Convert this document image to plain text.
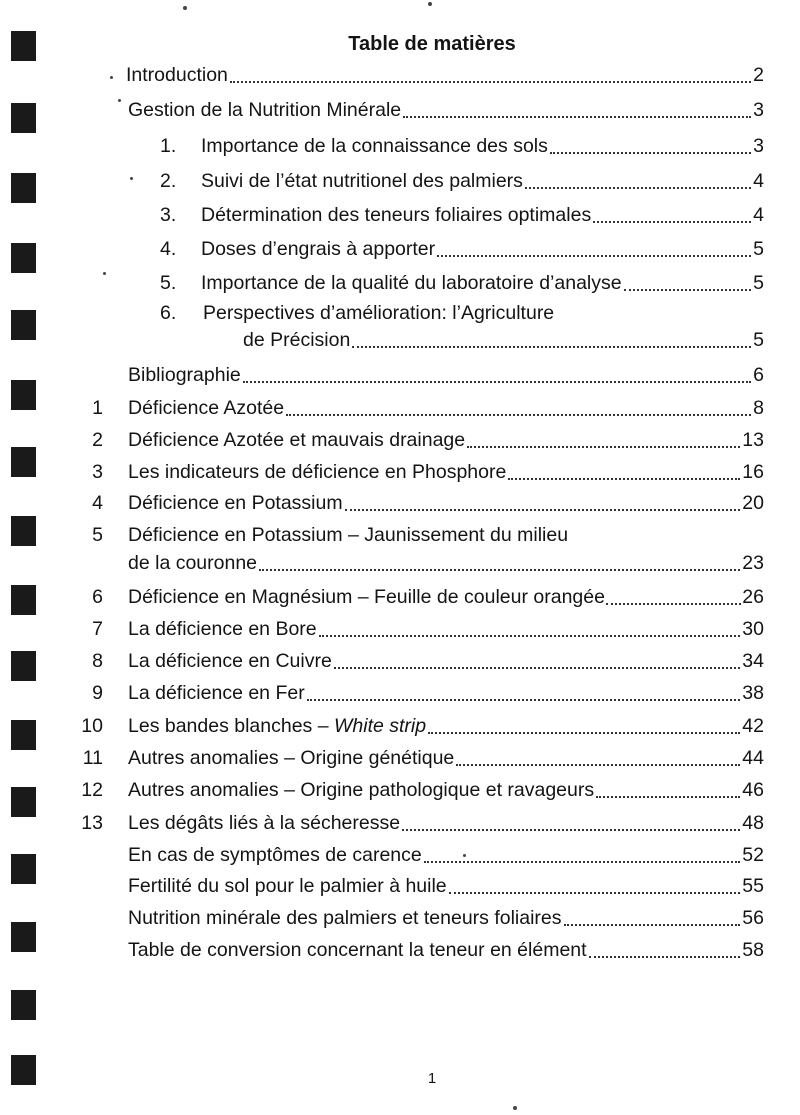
Table de matières
Introduction	2
Gestion de la Nutrition Minérale	3
1. Importance de la connaissance des sols	3
2. Suivi de l’état nutritionel des palmiers	4
3. Détermination des teneurs foliaires optimales	4
4. Doses d’engrais à apporter	5
5. Importance de la qualité du laboratoire d’analyse	5
6. Perspectives d’amélioration: l’Agriculture
de Précision	5
Bibliographie	6
1 Déficience Azotée	8
2 Déficience Azotée et mauvais drainage	13
3 Les indicateurs de déficience en Phosphore	16
4 Déficience en Potassium	20
5 Déficience en Potassium – Jaunissement du milieu
de la couronne	23
6 Déficience en Magnésium – Feuille de couleur orangée	26
7 La déficience en Bore	30
8 La déficience en Cuivre	34
9 La déficience en Fer	38
10 Les bandes blanches – White strip	42
11 Autres anomalies – Origine génétique	44
12 Autres anomalies – Origine pathologique et ravageurs	46
13 Les dégâts liés à la sécheresse	48
En cas de symptômes de carence	52
Fertilité du sol pour le palmier à huile	55
Nutrition minérale des palmiers et teneurs foliaires	56
Table de conversion concernant la teneur en élément	58
1
